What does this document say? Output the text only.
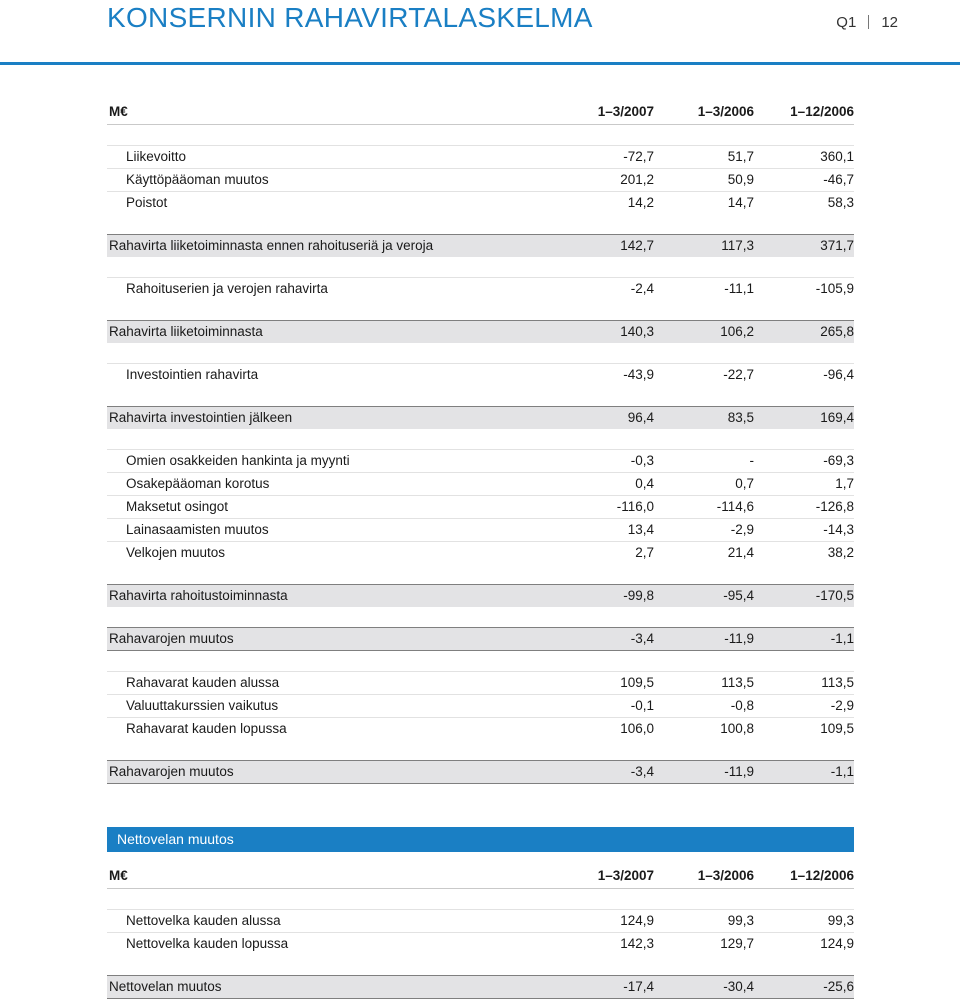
KONSERNIN RAHAVIRTALASKELMA	Q1 12
M€	1–3/2007	1–3/2006	1–12/2006

Liikevoitto	-72,7	51,7	360,1
Käyttöpääoman muutos	201,2	50,9	-46,7
Poistot	14,2	14,7	58,3

Rahavirta liiketoiminnasta ennen rahoituseriä ja veroja	142,7	117,3	371,7

Rahoituserien ja verojen rahavirta	-2,4	-11,1	-105,9

Rahavirta liiketoiminnasta	140,3	106,2	265,8

Investointien rahavirta	-43,9	-22,7	-96,4

Rahavirta investointien jälkeen	96,4	83,5	169,4

Omien osakkeiden hankinta ja myynti	-0,3	-	-69,3
Osakepääoman korotus	0,4	0,7	1,7
Maksetut osingot	-116,0	-114,6	-126,8
Lainasaamisten muutos	13,4	-2,9	-14,3
Velkojen muutos	2,7	21,4	38,2

Rahavirta rahoitustoiminnasta	-99,8	-95,4	-170,5

Rahavarojen muutos	-3,4	-11,9	-1,1

Rahavarat kauden alussa	109,5	113,5	113,5
Valuuttakurssien vaikutus	-0,1	-0,8	-2,9
Rahavarat kauden lopussa	106,0	100,8	109,5

Rahavarojen muutos	-3,4	-11,9	-1,1
Nettovelan muutos
M€	1–3/2007	1–3/2006	1–12/2006

Nettovelka kauden alussa	124,9	99,3	99,3
Nettovelka kauden lopussa	142,3	129,7	124,9

Nettovelan muutos	-17,4	-30,4	-25,6
